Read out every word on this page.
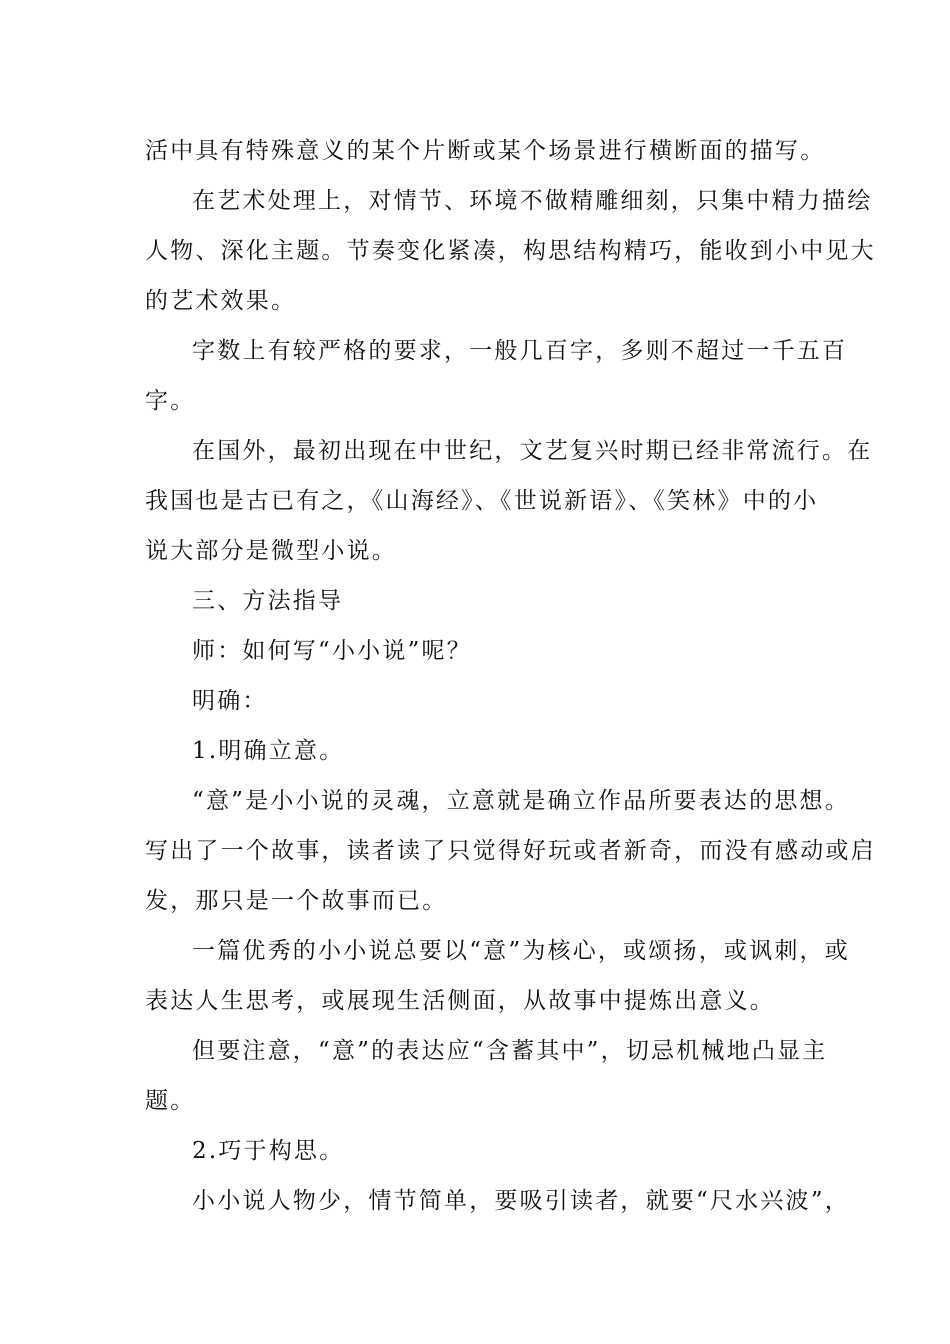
活中具有特殊意义的某个片断或某个场景进行横断面的描写。
在艺术处理上，对情节、环境不做精雕细刻，只集中精力描绘
人物、深化主题。节奏变化紧凑，构思结构精巧，能收到小中见大
的艺术效果。
字数上有较严格的要求，一般几百字，多则不超过一千五百
字。
在国外，最初出现在中世纪，文艺复兴时期已经非常流行。在
我国也是古已有之，《山海经》、《世说新语》、《笑林》中的小
说大部分是微型小说。
三、方法指导
师：如何写“小小说”呢？
明确：
1.明确立意。
“意”是小小说的灵魂，立意就是确立作品所要表达的思想。
写出了一个故事，读者读了只觉得好玩或者新奇，而没有感动或启
发，那只是一个故事而已。
一篇优秀的小小说总要以“意”为核心，或颂扬，或讽刺，或
表达人生思考，或展现生活侧面，从故事中提炼出意义。
但要注意，“意”的表达应“含蓄其中”，切忌机械地凸显主
题。
2.巧于构思。
小小说人物少，情节简单，要吸引读者，就要“尺水兴波”，
